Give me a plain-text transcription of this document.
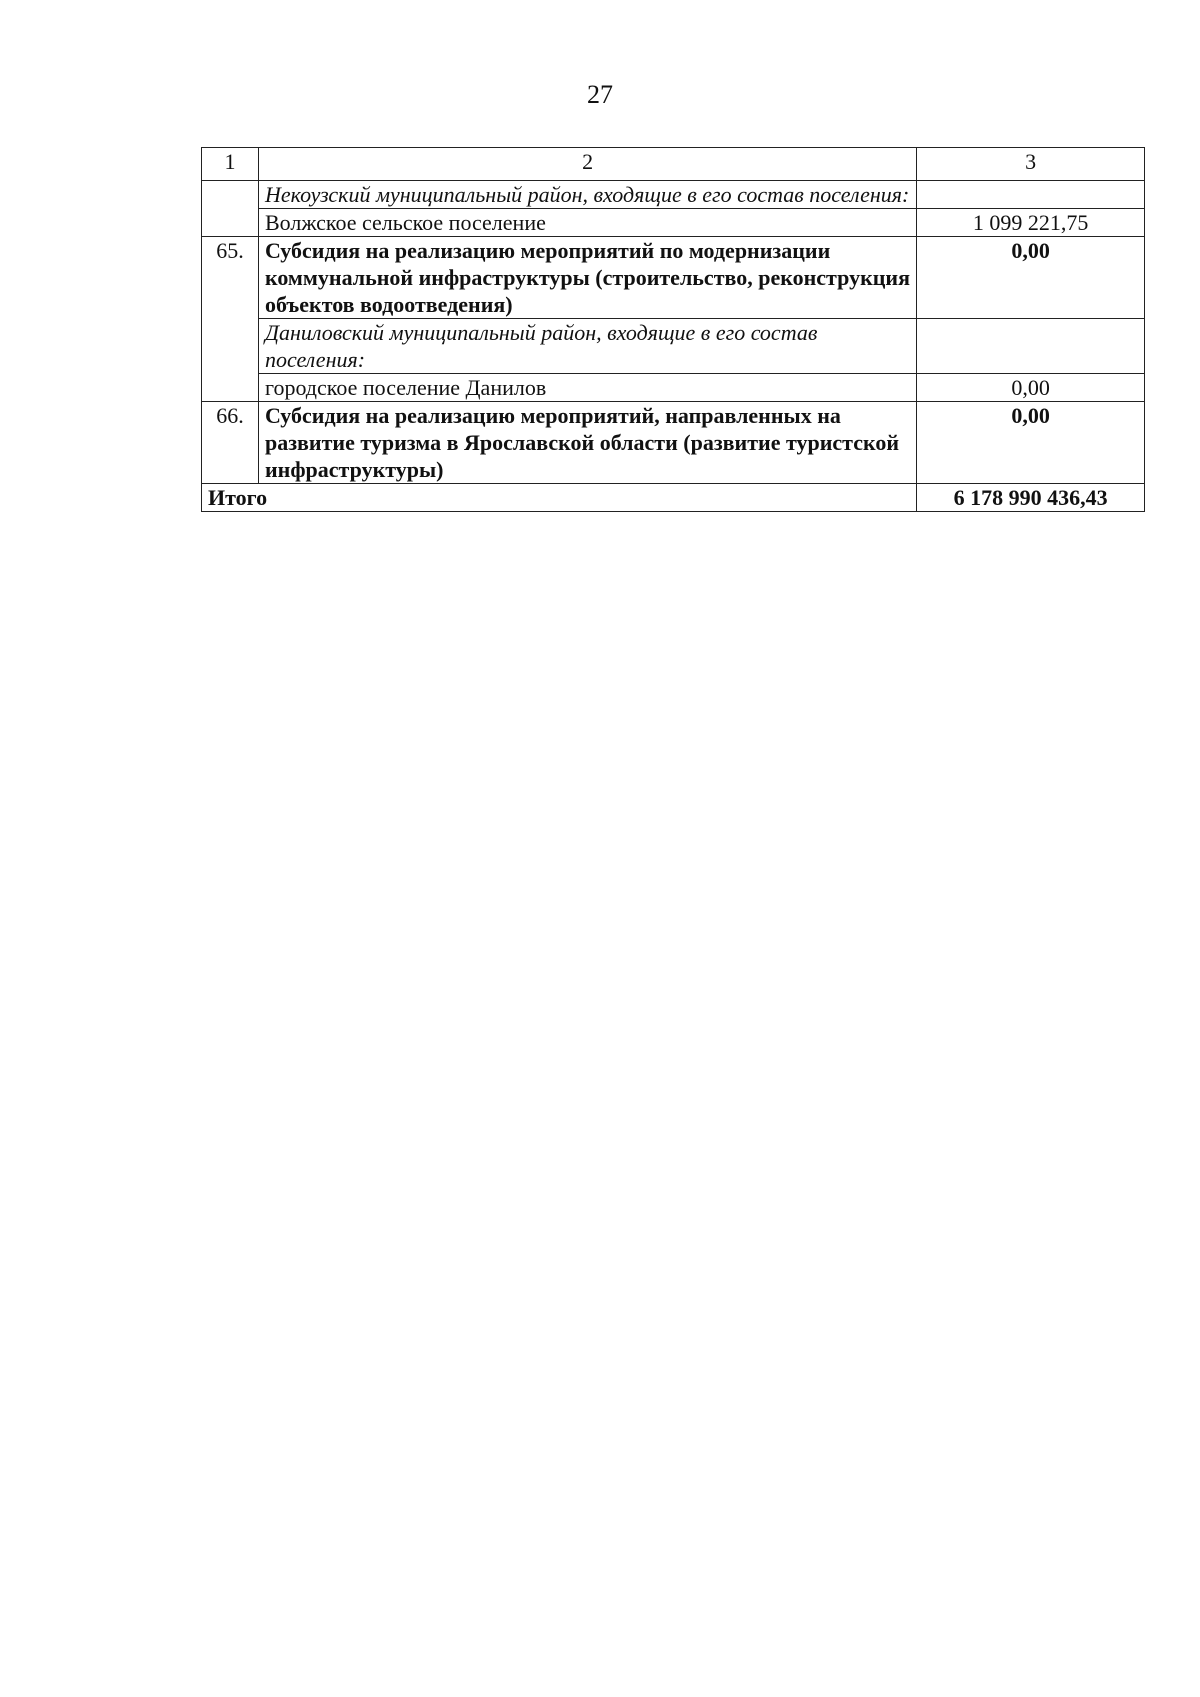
27
1	2	3
	Некоузский муниципальный район, входящие в его состав поселения:	
	Волжское сельское поселение	1 099 221,75
65.	Субсидия на реализацию мероприятий по модернизации коммунальной инфраструктуры (строительство, реконструкция объектов водоотведения)	0,00
	Даниловский муниципальный район, входящие в его состав поселения:	
	городское поселение Данилов	0,00
66.	Субсидия на реализацию мероприятий, направленных на развитие туризма в Ярославской области (развитие туристской инфраструктуры)	0,00
Итого		6 178 990 436,43
